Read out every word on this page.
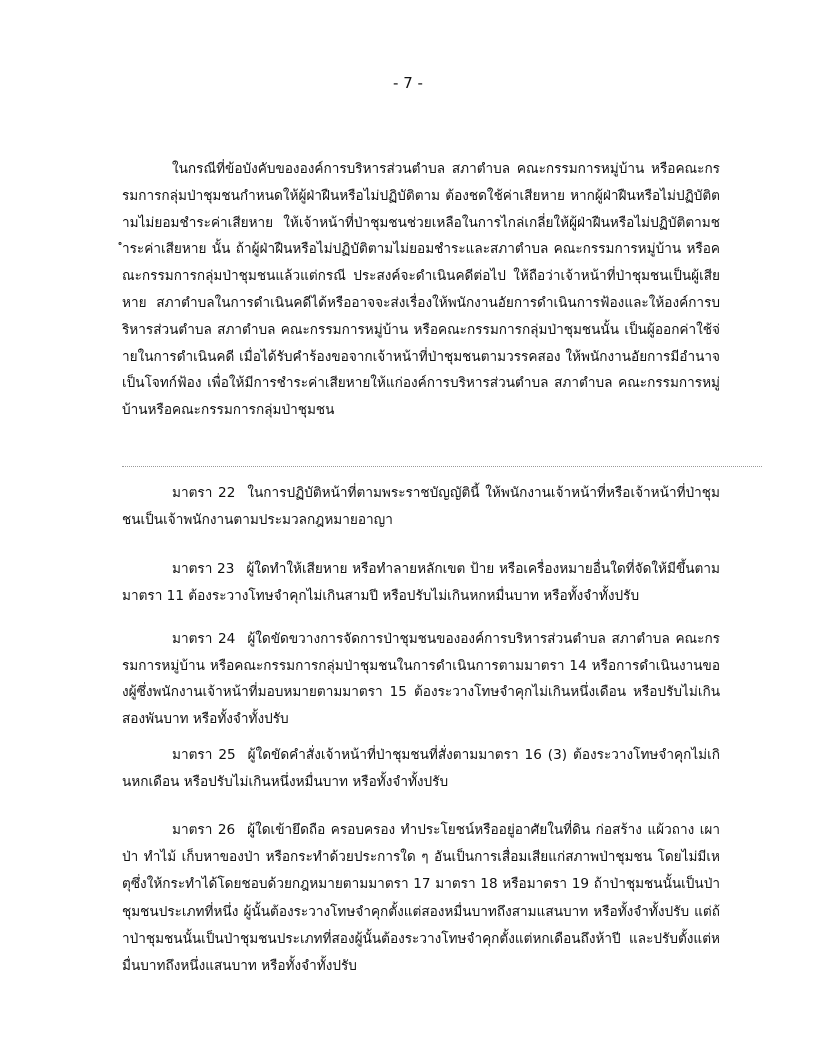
- 7 -

ในกรณีที่ข้อบังคับขององค์การบริหารส่วนตำบล สภาตำบล คณะกรรมการหมู่บ้าน หรือคณะกรรมการกลุ่มป่าชุมชนกำหนดให้ผู้ฝ่าฝืนหรือไม่ปฏิบัติตาม ต้องชดใช้ค่าเสียหาย หากผู้ฝ่าฝืนหรือไม่ปฏิบัติตามไม่ยอมชำระค่าเสียหาย ให้เจ้าหน้าที่ป่าชุมชนช่วยเหลือในการไกล่เกลี่ยให้ผู้ฝ่าฝืนหรือไม่ปฏิบัติตามชำระค่าเสียหาย นั้น ถ้าผู้ฝ่าฝืนหรือไม่ปฏิบัติตามไม่ยอมชำระและสภาตำบล คณะกรรมการหมู่บ้าน หรือคณะกรรมการกลุ่มป่าชุมชนแล้วแต่กรณี ประสงค์จะดำเนินคดีต่อไป ให้ถือว่าเจ้าหน้าที่ป่าชุมชนเป็นผู้เสียหาย สภาตำบลในการดำเนินคดีได้หรืออาจจะส่งเรื่องให้พนักงานอัยการดำเนินการฟ้องและให้องค์การบริหารส่วนตำบล สภาตำบล คณะกรรมการหมู่บ้าน หรือคณะกรรมการกลุ่มป่าชุมชนนั้น เป็นผู้ออกค่าใช้จ่ายในการดำเนินคดี เมื่อได้รับคำร้องขอจากเจ้าหน้าที่ป่าชุมชนตามวรรคสอง ให้พนักงานอัยการมีอำนาจเป็นโจทก์ฟ้อง เพื่อให้มีการชำระค่าเสียหายให้แก่องค์การบริหารส่วนตำบล สภาตำบล คณะกรรมการหมู่บ้านหรือคณะกรรมการกลุ่มป่าชุมชน

มาตรา 22 ในการปฏิบัติหน้าที่ตามพระราชบัญญัตินี้ ให้พนักงานเจ้าหน้าที่หรือเจ้าหน้าที่ป่าชุมชนเป็นเจ้าพนักงานตามประมวลกฎหมายอาญา

มาตรา 23 ผู้ใดทำให้เสียหาย หรือทำลายหลักเขต ป้าย หรือเครื่องหมายอื่นใดที่จัดให้มีขึ้นตามมาตรา 11 ต้องระวางโทษจำคุกไม่เกินสามปี หรือปรับไม่เกินหกหมื่นบาท หรือทั้งจำทั้งปรับ

มาตรา 24 ผู้ใดขัดขวางการจัดการป่าชุมชนขององค์การบริหารส่วนตำบล สภาตำบล คณะกรรมการหมู่บ้าน หรือคณะกรรมการกลุ่มป่าชุมชนในการดำเนินการตามมาตรา 14 หรือการดำเนินงานของผู้ซึ่งพนักงานเจ้าหน้าที่มอบหมายตามมาตรา 15 ต้องระวางโทษจำคุกไม่เกินหนึ่งเดือน หรือปรับไม่เกินสองพันบาท หรือทั้งจำทั้งปรับ

มาตรา 25 ผู้ใดขัดคำสั่งเจ้าหน้าที่ป่าชุมชนที่สั่งตามมาตรา 16 (3) ต้องระวางโทษจำคุกไม่เกินหกเดือน หรือปรับไม่เกินหนึ่งหมื่นบาท หรือทั้งจำทั้งปรับ

มาตรา 26 ผู้ใดเข้ายึดถือ ครอบครอง ทำประโยชน์หรืออยู่อาศัยในที่ดิน ก่อสร้าง แผ้วถาง เผาป่า ทำไม้ เก็บหาของป่า หรือกระทำด้วยประการใด ๆ อันเป็นการเสื่อมเสียแก่สภาพป่าชุมชน โดยไม่มีเหตุซึ่งให้กระทำได้โดยชอบด้วยกฎหมายตามมาตรา 17 มาตรา 18 หรือมาตรา 19 ถ้าป่าชุมชนนั้นเป็นป่าชุมชนประเภทที่หนึ่ง ผู้นั้นต้องระวางโทษจำคุกตั้งแต่สองหมื่นบาทถึงสามแสนบาท หรือทั้งจำทั้งปรับ แต่ถ้าป่าชุมชนนั้นเป็นป่าชุมชนประเภทที่สองผู้นั้นต้องระวางโทษจำคุกตั้งแต่หกเดือนถึงห้าปี และปรับตั้งแต่หมื่นบาทถึงหนึ่งแสนบาท หรือทั้งจำทั้งปรับ
